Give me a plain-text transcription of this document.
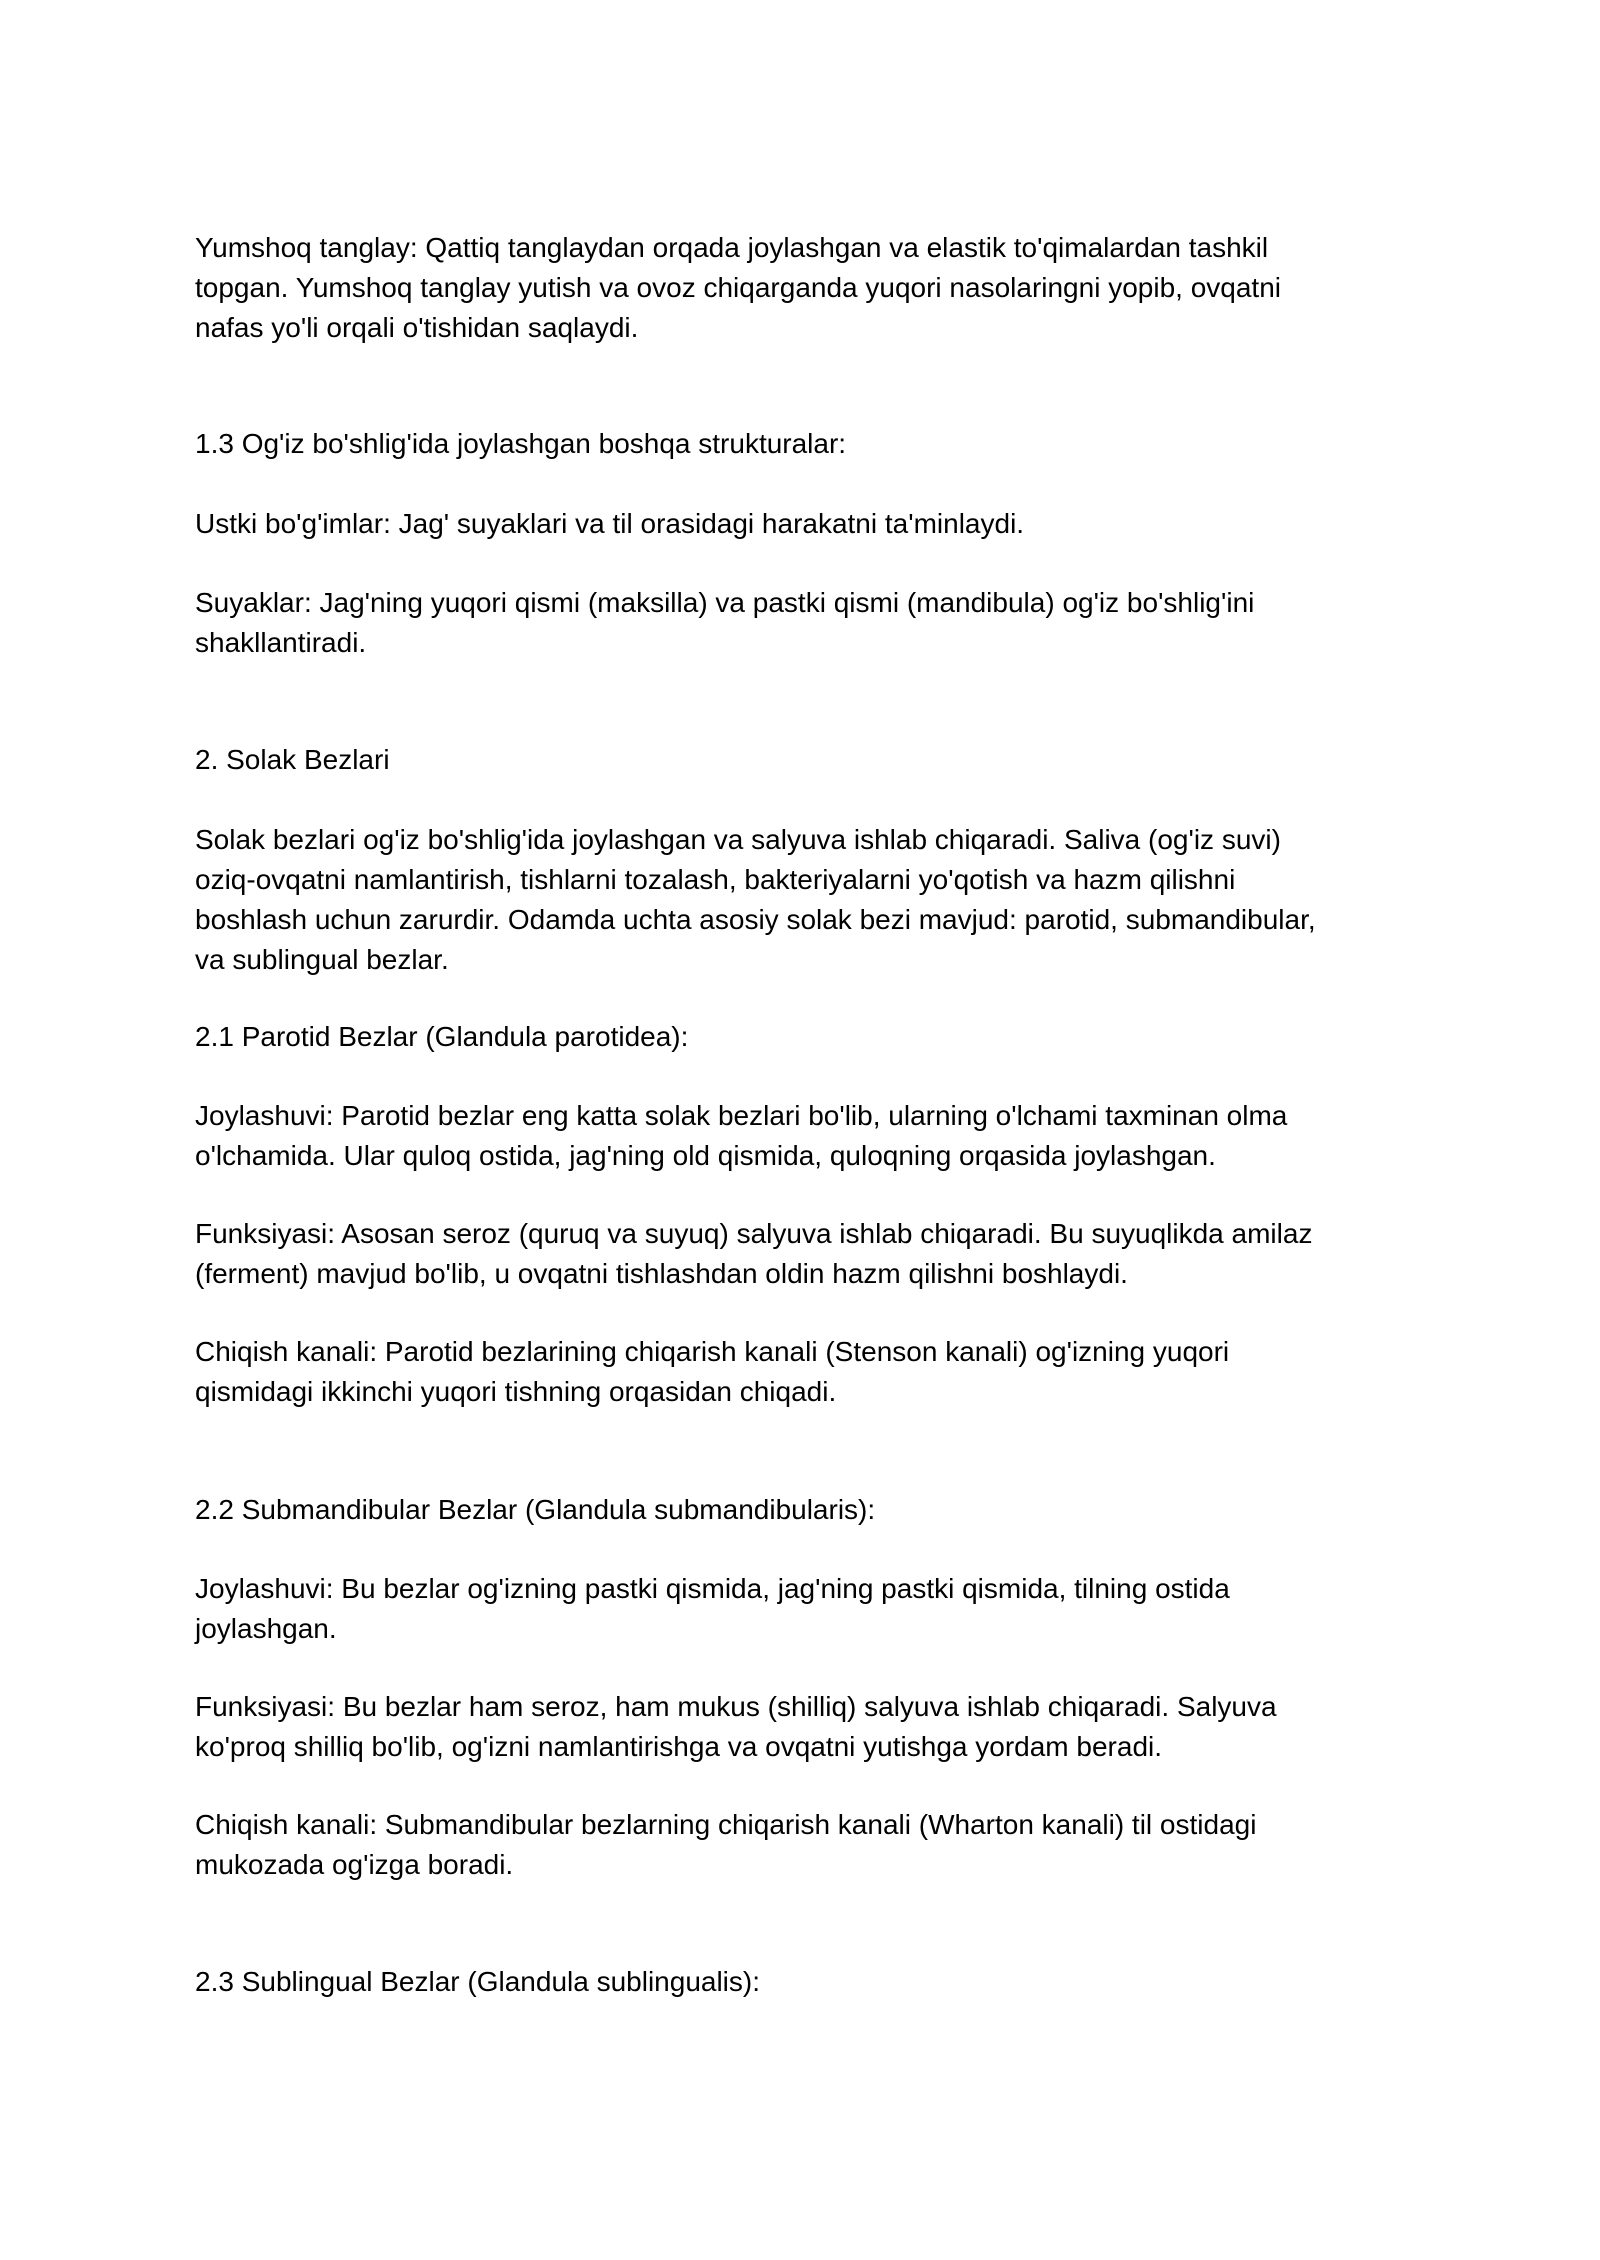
Yumshoq tanglay: Qattiq tanglaydan orqada joylashgan va elastik to'qimalardan tashkil
topgan. Yumshoq tanglay yutish va ovoz chiqarganda yuqori nasolaringni yopib, ovqatni
nafas yo'li orqali o'tishidan saqlaydi.
1.3 Og'iz bo'shlig'ida joylashgan boshqa strukturalar:
Ustki bo'g'imlar: Jag' suyaklari va til orasidagi harakatni ta'minlaydi.
Suyaklar: Jag'ning yuqori qismi (maksilla) va pastki qismi (mandibula) og'iz bo'shlig'ini
shakllantiradi.
2. Solak Bezlari
Solak bezlari og'iz bo'shlig'ida joylashgan va salyuva ishlab chiqaradi. Saliva (og'iz suvi)
oziq-ovqatni namlantirish, tishlarni tozalash, bakteriyalarni yo'qotish va hazm qilishni
boshlash uchun zarurdir. Odamda uchta asosiy solak bezi mavjud: parotid, submandibular,
va sublingual bezlar.
2.1 Parotid Bezlar (Glandula parotidea):
Joylashuvi: Parotid bezlar eng katta solak bezlari bo'lib, ularning o'lchami taxminan olma
o'lchamida. Ular quloq ostida, jag'ning old qismida, quloqning orqasida joylashgan.
Funksiyasi: Asosan seroz (quruq va suyuq) salyuva ishlab chiqaradi. Bu suyuqlikda amilaz
(ferment) mavjud bo'lib, u ovqatni tishlashdan oldin hazm qilishni boshlaydi.
Chiqish kanali: Parotid bezlarining chiqarish kanali (Stenson kanali) og'izning yuqori
qismidagi ikkinchi yuqori tishning orqasidan chiqadi.
2.2 Submandibular Bezlar (Glandula submandibularis):
Joylashuvi: Bu bezlar og'izning pastki qismida, jag'ning pastki qismida, tilning ostida
joylashgan.
Funksiyasi: Bu bezlar ham seroz, ham mukus (shilliq) salyuva ishlab chiqaradi. Salyuva
ko'proq shilliq bo'lib, og'izni namlantirishga va ovqatni yutishga yordam beradi.
Chiqish kanali: Submandibular bezlarning chiqarish kanali (Wharton kanali) til ostidagi
mukozada og'izga boradi.
2.3 Sublingual Bezlar (Glandula sublingualis):
